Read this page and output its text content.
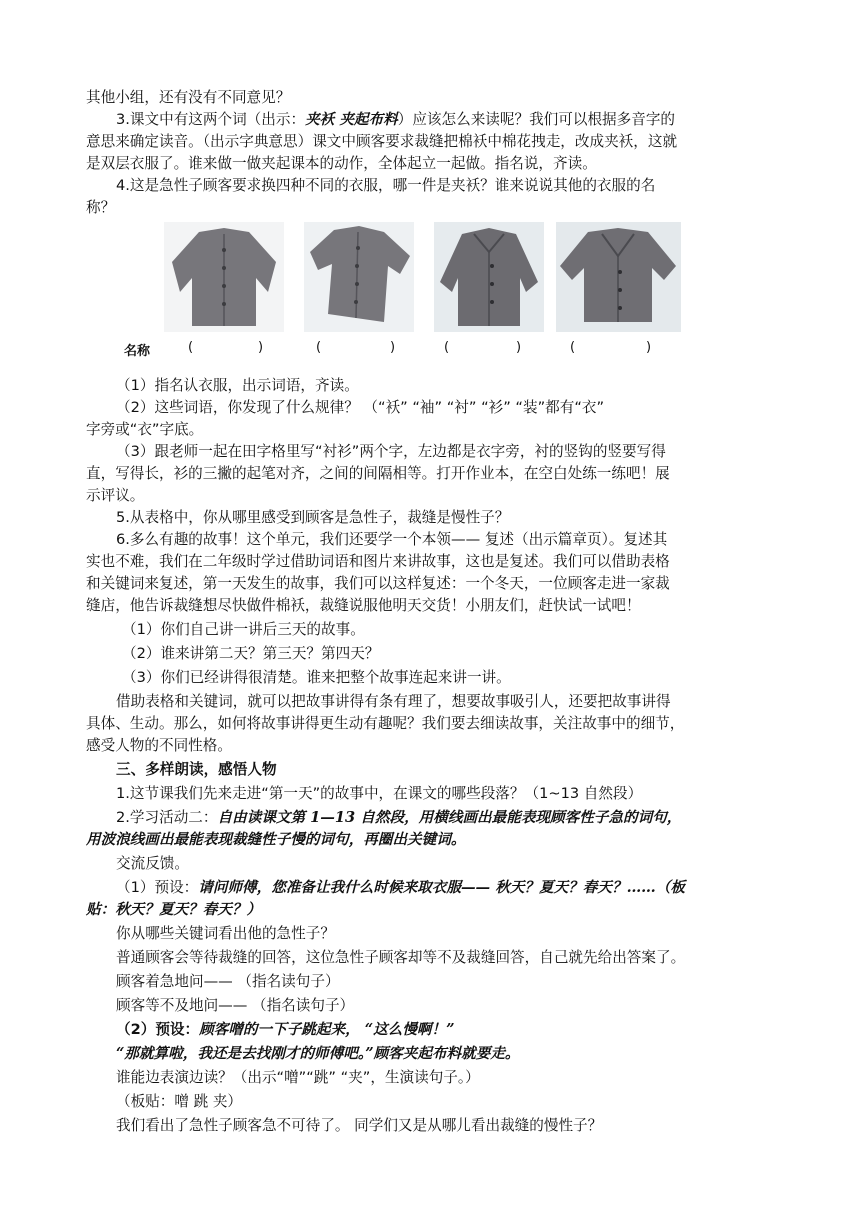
其他小组，还有没有不同意见？
3.课文中有这两个词（出示：夹袄 夹起布料）应该怎么来读呢？我们可以根据多音字的
意思来确定读音。（出示字典意思）课文中顾客要求裁缝把棉袄中棉花拽走，改成夹袄，这就
是双层衣服了。谁来做一做夹起课本的动作，全体起立一起做。指名说，齐读。
4.这是急性子顾客要求换四种不同的衣服，哪一件是夹袄？谁来说说其他的衣服的名
称？
名称	(	)	(	)	(	)	(	)
（1）指名认衣服，出示词语，齐读。
（2）这些词语，你发现了什么规律？ （“袄” “袖” “衬” “衫” “装”都有“衣”
字旁或“衣”字底。
（3）跟老师一起在田字格里写“衬衫”两个字，左边都是衣字旁，衬的竖钩的竖要写得
直，写得长，衫的三撇的起笔对齐，之间的间隔相等。打开作业本，在空白处练一练吧！展
示评议。
5.从表格中，你从哪里感受到顾客是急性子，裁缝是慢性子？
6.多么有趣的故事！这个单元，我们还要学一个本领—— 复述（出示篇章页）。复述其
实也不难，我们在二年级时学过借助词语和图片来讲故事，这也是复述。我们可以借助表格
和关键词来复述，第一天发生的故事，我们可以这样复述：一个冬天，一位顾客走进一家裁
缝店，他告诉裁缝想尽快做件棉袄，裁缝说服他明天交货！小朋友们，赶快试一试吧！
（1）你们自己讲一讲后三天的故事。
（2）谁来讲第二天？第三天？第四天？
（3）你们已经讲得很清楚。谁来把整个故事连起来讲一讲。
借助表格和关键词，就可以把故事讲得有条有理了，想要故事吸引人，还要把故事讲得
具体、生动。那么，如何将故事讲得更生动有趣呢？我们要去细读故事，关注故事中的细节，
感受人物的不同性格。
三、多样朗读，感悟人物
1.这节课我们先来走进“第一天”的故事中，在课文的哪些段落？（1~13 自然段）
2.学习活动二：自由读课文第 1—13 自然段，用横线画出最能表现顾客性子急的词句，
用波浪线画出最能表现裁缝性子慢的词句，再圈出关键词。
交流反馈。
（1）预设：请问师傅，您准备让我什么时候来取衣服—— 秋天？夏天？春天？……（板
贴：秋天？夏天？春天？）
你从哪些关键词看出他的急性子？
普通顾客会等待裁缝的回答，这位急性子顾客却等不及裁缝回答，自己就先给出答案了。
顾客着急地问—— （指名读句子）
顾客等不及地问—— （指名读句子）
（2）预设：顾客噌的一下子跳起来， “这么慢啊！”
“那就算啦，我还是去找刚才的师傅吧。”顾客夹起布料就要走。
谁能边表演边读？（出示“噌”“跳” “夹”，生演读句子。）
（板贴：噌 跳 夹）
我们看出了急性子顾客急不可待了。 同学们又是从哪儿看出裁缝的慢性子？
